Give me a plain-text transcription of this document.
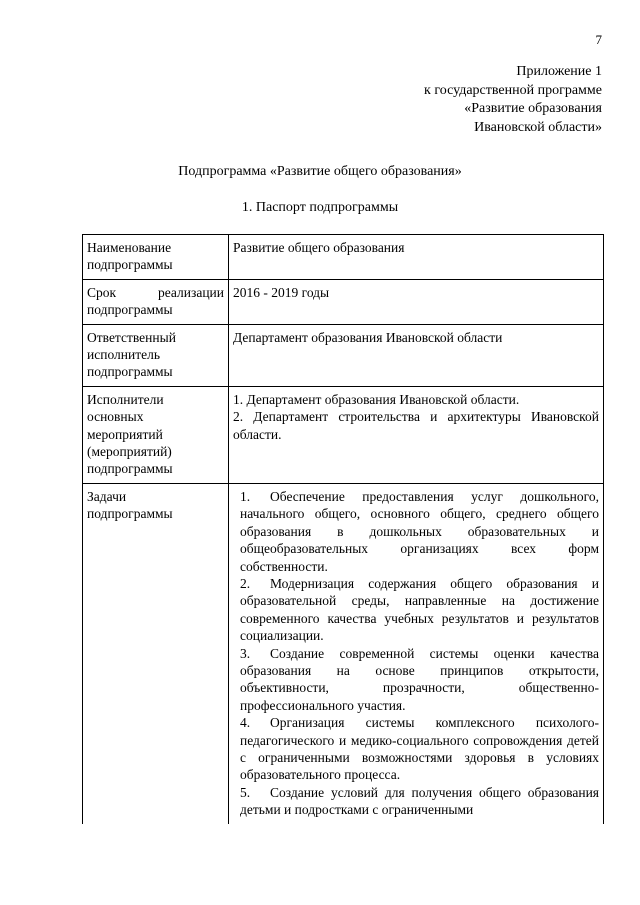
7
Приложение 1
к государственной программе
«Развитие образования
Ивановской области»
Подпрограмма «Развитие общего образования»
1. Паспорт подпрограммы
Наименование подпрограммы	Развитие общего образования
Срок реализации подпрограммы	2016 - 2019 годы

Ответственный исполнитель подпрограммы	Департамент образования Ивановской области

Исполнители основных мероприятий (мероприятий) подпрограммы	1. Департамент образования Ивановской области.
2. Департамент строительства и архитектуры Ивановской области.

Задачи подпрограммы	1. Обеспечение предоставления услуг дошкольного, начального общего, основного общего, среднего общего образования в дошкольных образовательных и общеобразовательных организациях всех форм собственности.
2. Модернизация содержания общего образования и образовательной среды, направленные на достижение современного качества учебных результатов и результатов социализации.
3. Создание современной системы оценки качества образования на основе принципов открытости, объективности, прозрачности, общественно-профессионального участия.
4. Организация системы комплексного психолого-педагогического и медико-социального сопровождения детей с ограниченными возможностями здоровья в условиях образовательного процесса.
5. Создание условий для получения общего образования детьми и подростками с ограниченными
